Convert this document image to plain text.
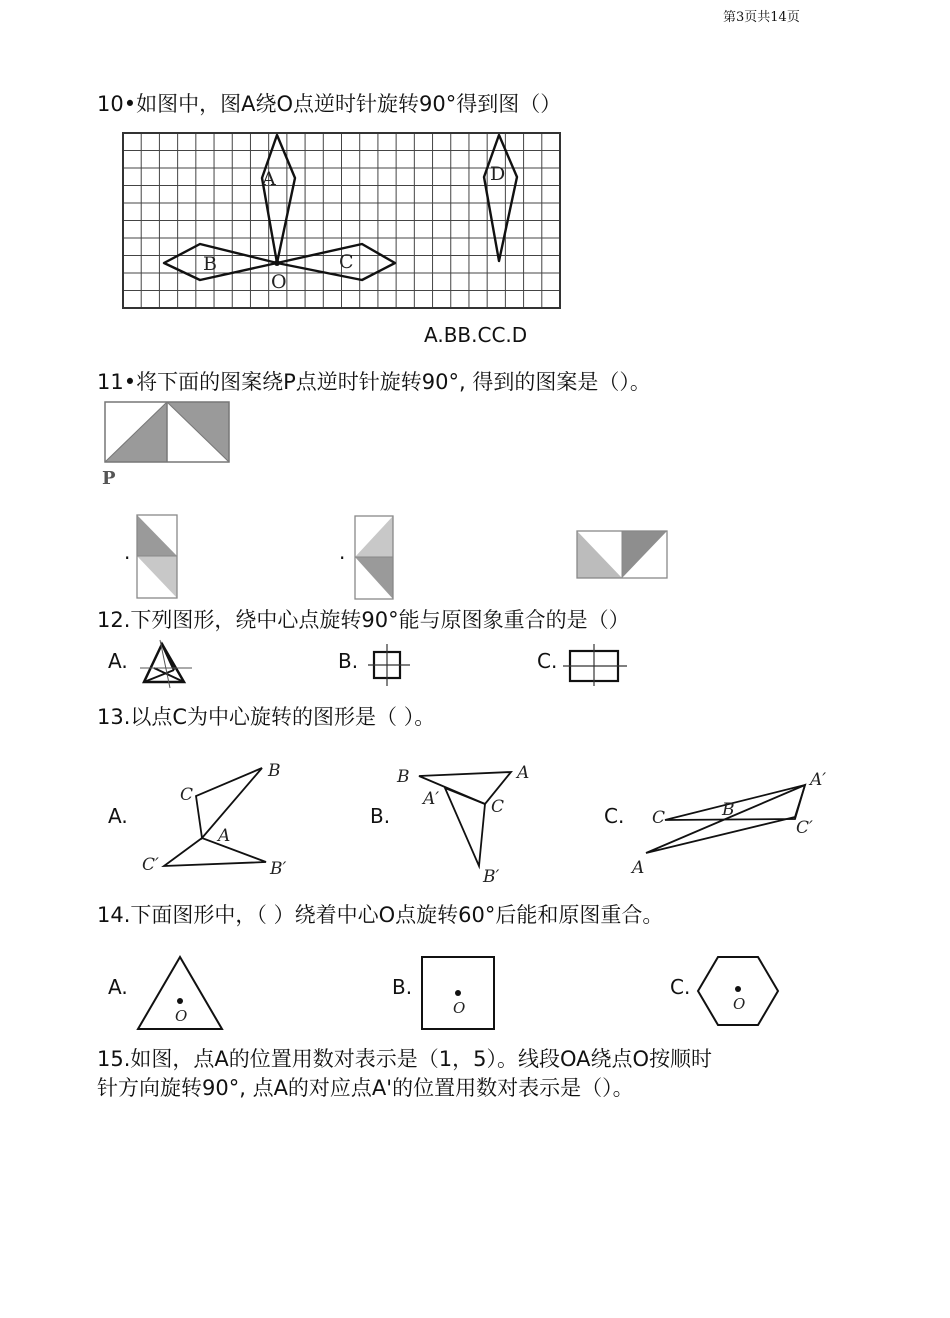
第3页共14页
10•如图中，图A绕O点逆时针旋转90°得到图（）
A
B
O
C
D
A.BB.CC.D
11•将下面的图案绕P点逆时针旋转90°, 得到的图案是（）。
P
.	.
12.下列图形，绕中心点旋转90°能与原图象重合的是（）
A.	B.	C.
13.以点C为中心旋转的图形是（ ）。
A.
B
C
A
C′	B′
B.
B	A
A′	C
B′
C.
A′
C	B
C′
A
14.下面图形中，（ ）绕着中心O点旋转60°后能和原图重合。
A.
O
B.
O
C.
O
15.如图，点A的位置用数对表示是（1，5）。线段OA绕点O按顺时
针方向旋转90°, 点A的对应点A'的位置用数对表示是（）。
